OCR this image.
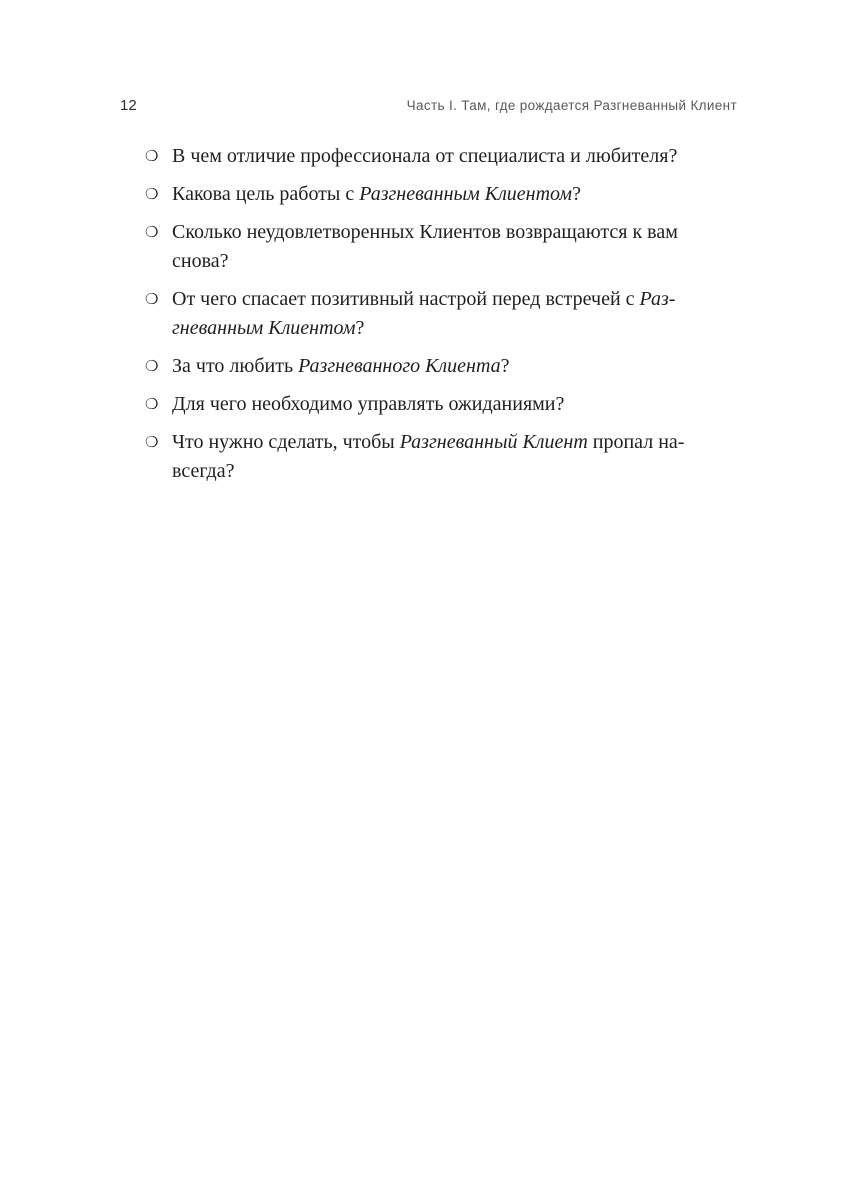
12	Часть I. Там, где рождается Разгневанный Клиент
❍ В чем отличие профессионала от специалиста и любителя?
❍ Какова цель работы с Разгневанным Клиентом?
❍ Сколько неудовлетворенных Клиентов возвращаются к вам снова?
❍ От чего спасает позитивный настрой перед встречей с Разгневанным Клиентом?
❍ За что любить Разгневанного Клиента?
❍ Для чего необходимо управлять ожиданиями?
❍ Что нужно сделать, чтобы Разгневанный Клиент пропал навсегда?
